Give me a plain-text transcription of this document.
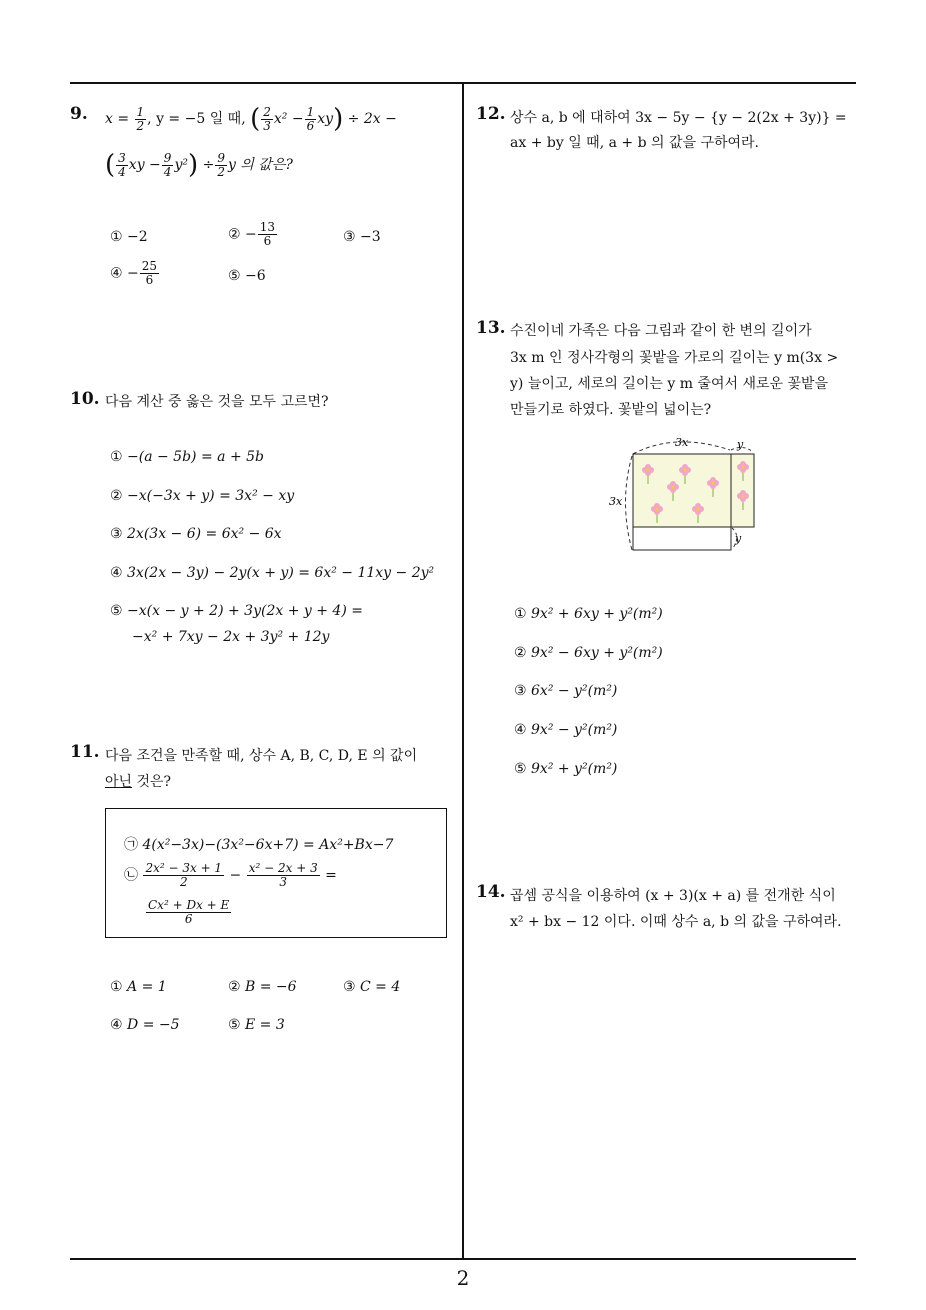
9. $x = \frac{1}{2}$ , y = −5 일 때, ( $\frac{2}{3} x^2 - \frac{1}{6} xy) \div 2x$ −
( $\frac{3}{4}$ xy − $\frac{9}{4} y^2) \div \frac{9}{2}$ y 의 값은?
① −2	② − $\frac{13}{6}$	③ −3
④ − $\frac{25}{6}$	⑤ −6
10. 다음 계산 중 옳은 것을 모두 고르면?
① −(a − 5b) = a + 5b
② −x(−3x + y) = 3x² − xy
③ 2x(3x − 6) = 6x² − 6x
④ 3x(2x − 3y) − 2y(x + y) = 6x² − 11xy − 2y²
⑤ −x(x − y + 2) + 3y(2x + y + 4) =
−x² + 7xy − 2x + 3y² + 12y
11. 다음 조건을 만족할 때, 상수 A, B, C, D, E 의 값이
아닌 것은?
㉠ 4(x²−3x)−(3x²−6x+7) = Ax²+Bx−7
㉡ $\frac{\text{2x² − 3x + 1}}{2} - \frac{\text{x² − 2x + 3}}{3}$ =
$\frac{\text{Cx² + Dx + E}}{6}$
① A = 1	② B = −6	③ C = 4
④ D = −5	⑤ E = 3
12. 상수 a, b 에 대하여 3x − 5y − {y − 2(2x + 3y)} =
ax + by 일 때, a + b 의 값을 구하여라.
13. 수진이네 가족은 다음 그림과 같이 한 변의 길이가
3x m 인 정사각형의 꽃밭을 가로의 길이는 y m(3x >
y) 늘이고, 세로의 길이는 y m 줄여서 새로운 꽃밭을
만들기로 하였다. 꽃밭의 넓이는?
3x
3x
y
y
① 9x² + 6xy + y²(m²)
② 9x² − 6xy + y²(m²)
③ 6x² − y²(m²)
④ 9x² − y²(m²)
⑤ 9x² + y²(m²)
14. 곱셈 공식을 이용하여 (x + 3)(x + a) 를 전개한 식이
x² + bx − 12 이다. 이때 상수 a, b 의 값을 구하여라.
2
